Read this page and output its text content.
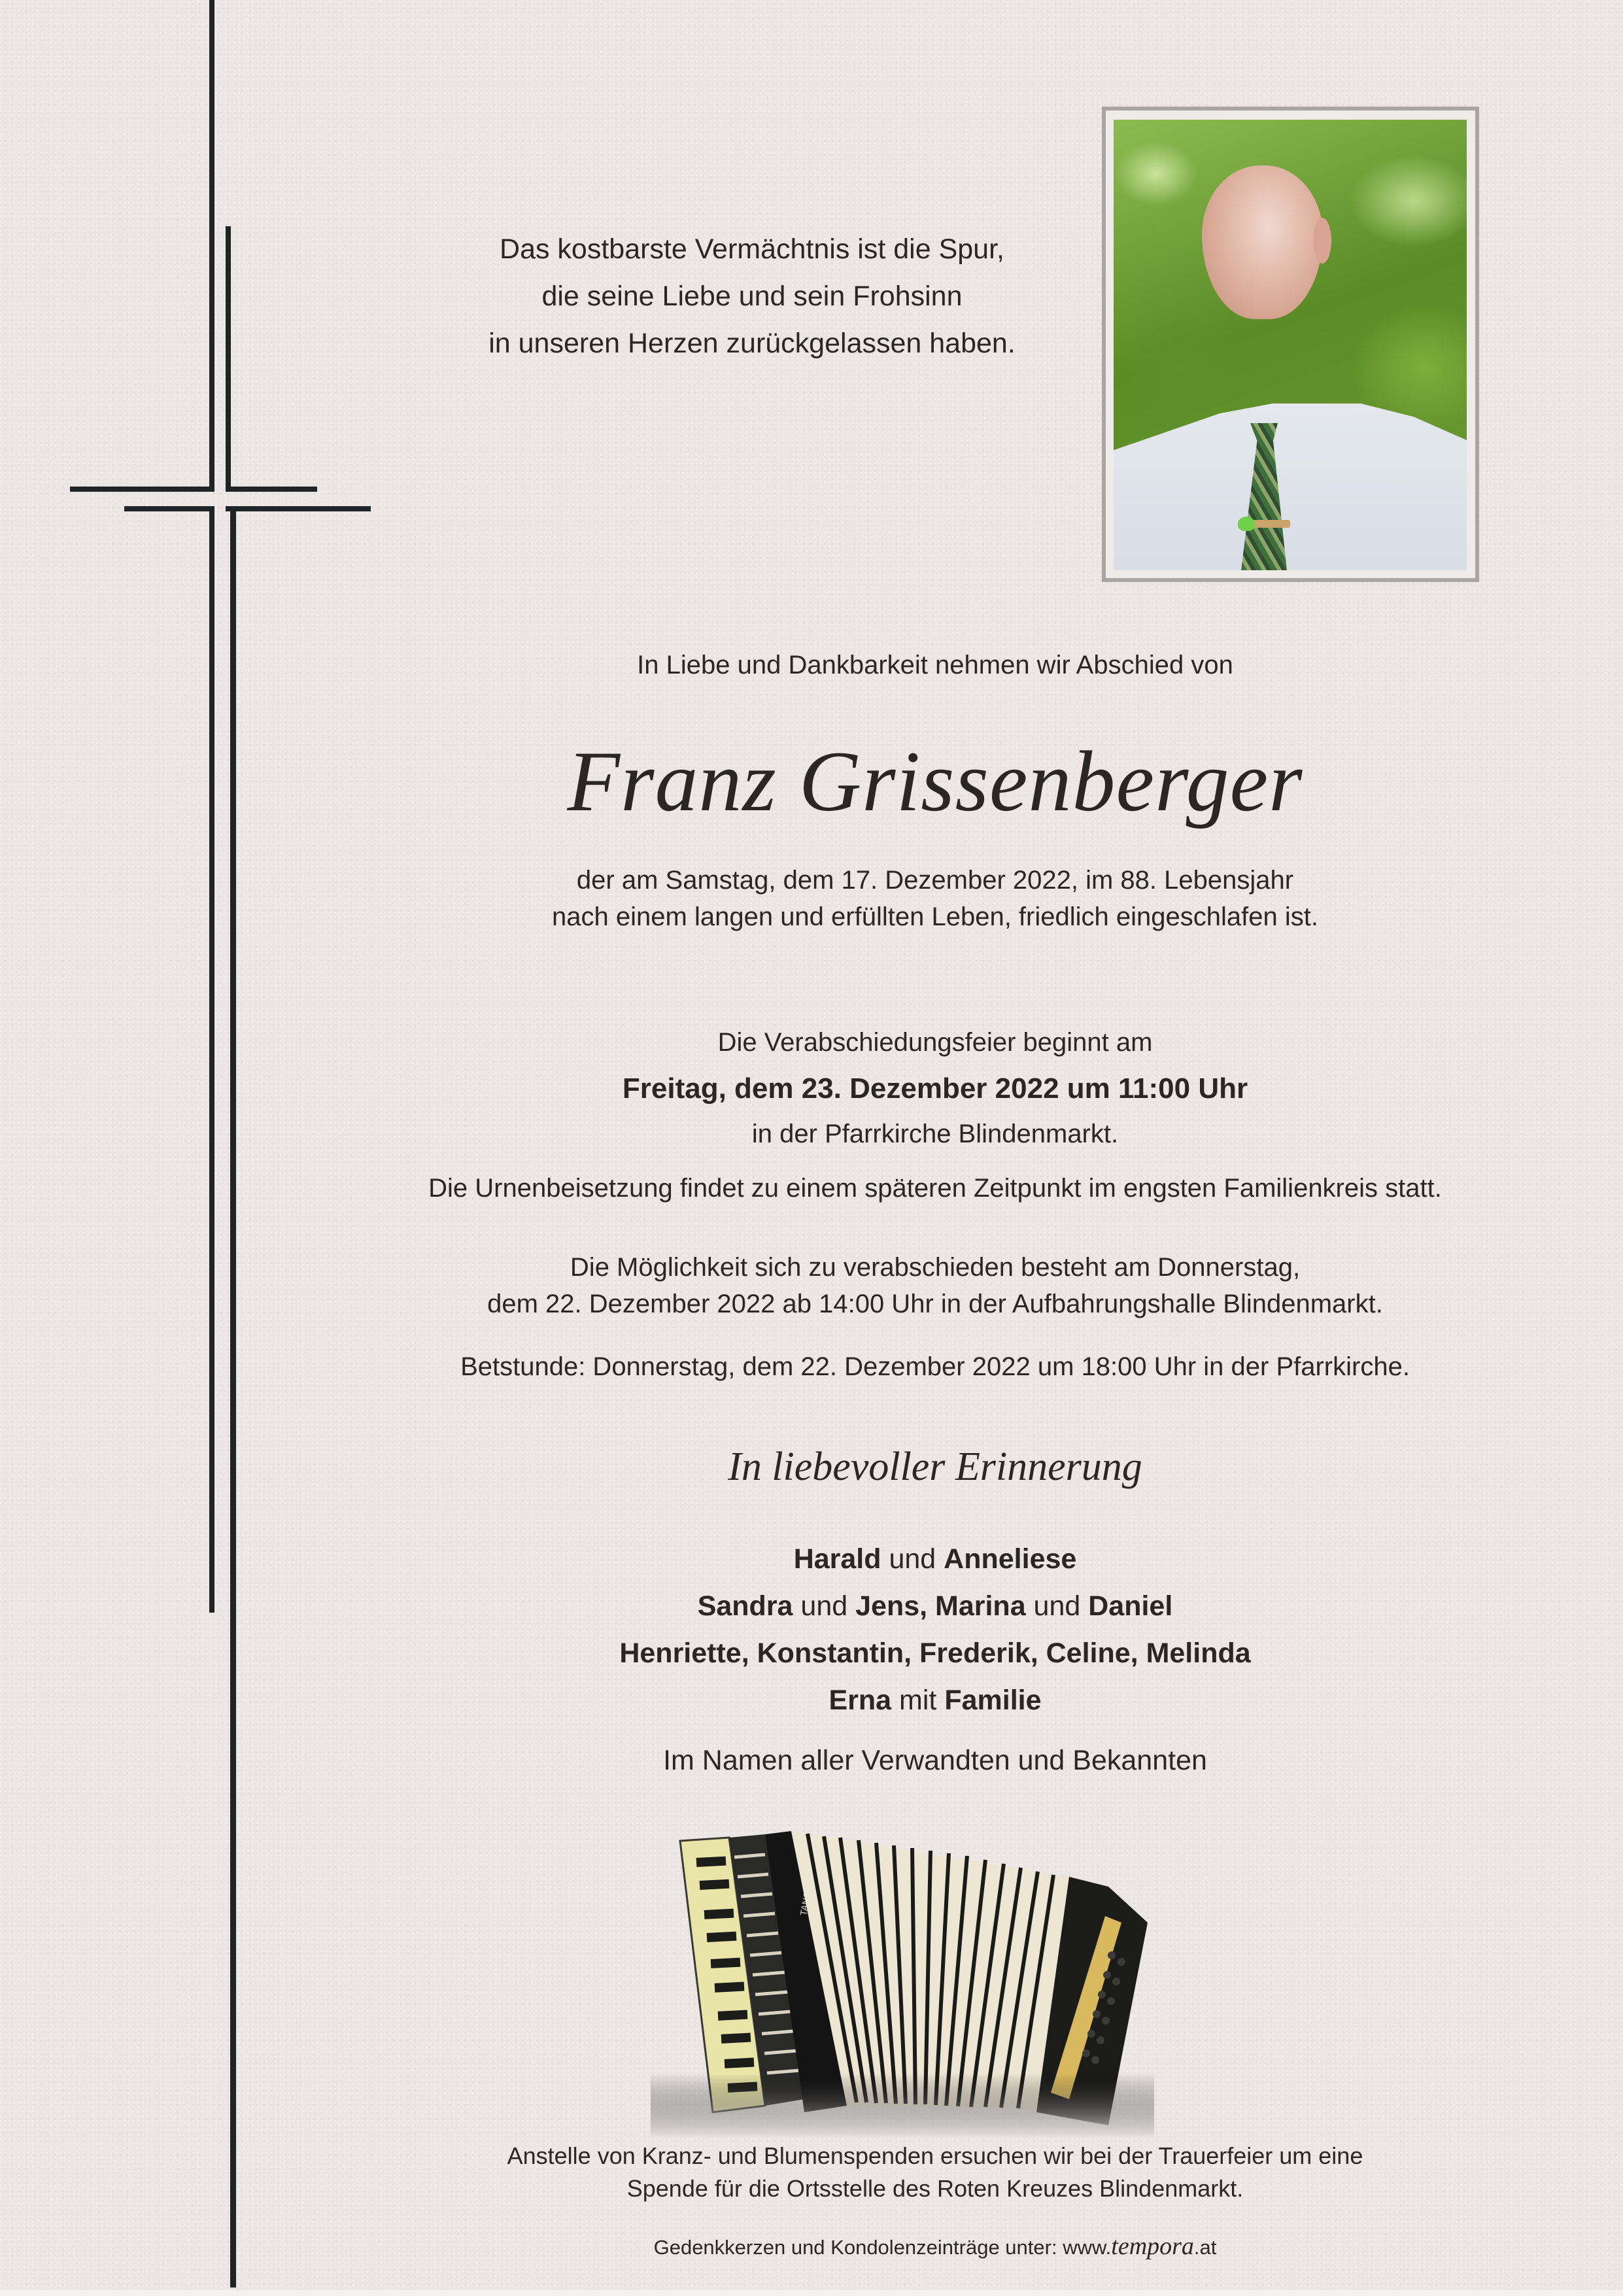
Das kostbarste Vermächtnis ist die Spur,
die seine Liebe und sein Frohsinn
in unseren Herzen zurückgelassen haben.
In Liebe und Dankbarkeit nehmen wir Abschied von
Franz Grissenberger
der am Samstag, dem 17. Dezember 2022, im 88. Lebensjahr
nach einem langen und erfüllten Leben, friedlich eingeschlafen ist.
Die Verabschiedungsfeier beginnt am
Freitag, dem 23. Dezember 2022 um 11:00 Uhr
in der Pfarrkirche Blindenmarkt.
Die Urnenbeisetzung findet zu einem späteren Zeitpunkt im engsten Familienkreis statt.
Die Möglichkeit sich zu verabschieden besteht am Donnerstag,
dem 22. Dezember 2022 ab 14:00 Uhr in der Aufbahrungshalle Blindenmarkt.
Betstunde: Donnerstag, dem 22. Dezember 2022 um 18:00 Uhr in der Pfarrkirche.
In liebevoller Erinnerung
Harald und Anneliese
Sandra und Jens, Marina und Daniel
Henriette, Konstantin, Frederik, Celine, Melinda
Erna mit Familie
Im Namen aller Verwandten und Bekannten
Anstelle von Kranz- und Blumenspenden ersuchen wir bei der Trauerfeier um eine
Spende für die Ortsstelle des Roten Kreuzes Blindenmarkt.
Gedenkkerzen und Kondolenzeinträge unter: www.tempora.at
